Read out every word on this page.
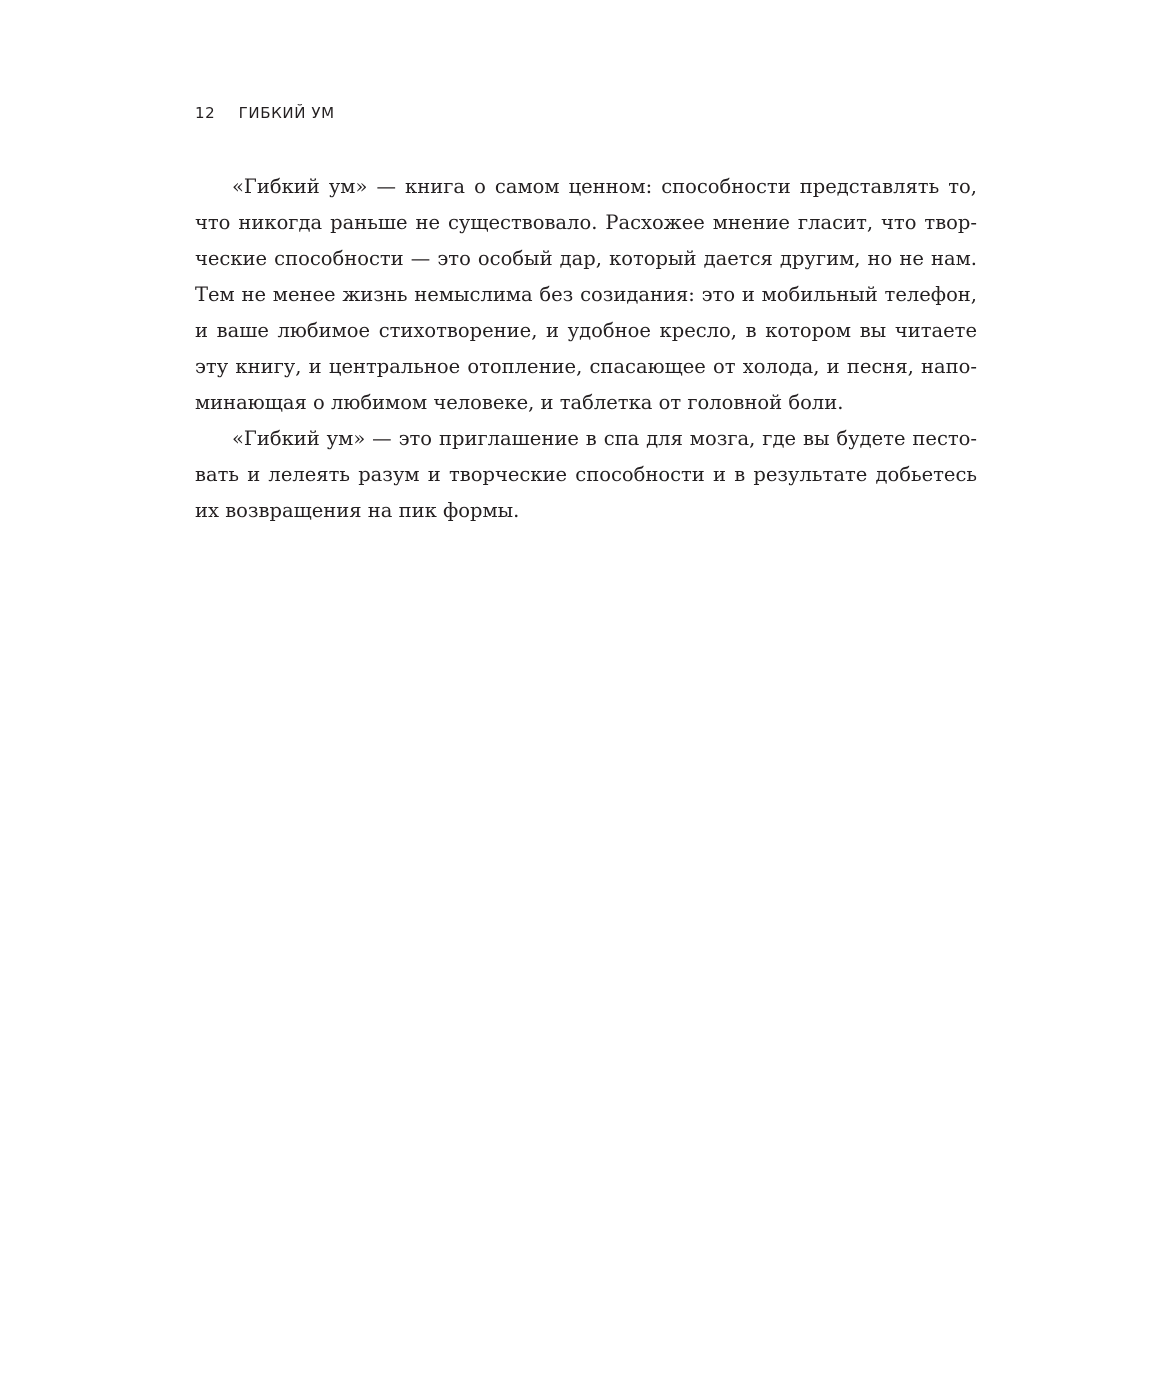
12 ГИБКИЙ УМ
«Гибкий ум» — книга о самом ценном: способности представлять то,
что никогда раньше не существовало. Расхожее мнение гласит, что твор-
ческие способности — это особый дар, который дается другим, но не нам.
Тем не менее жизнь немыслима без созидания: это и мобильный телефон,
и ваше любимое стихотворение, и удобное кресло, в котором вы читаете
эту книгу, и центральное отопление, спасающее от холода, и песня, напо-
минающая о любимом человеке, и таблетка от головной боли.
«Гибкий ум» — это приглашение в спа для мозга, где вы будете песто-
вать и лелеять разум и творческие способности и в результате добьетесь
их возвращения на пик формы.
